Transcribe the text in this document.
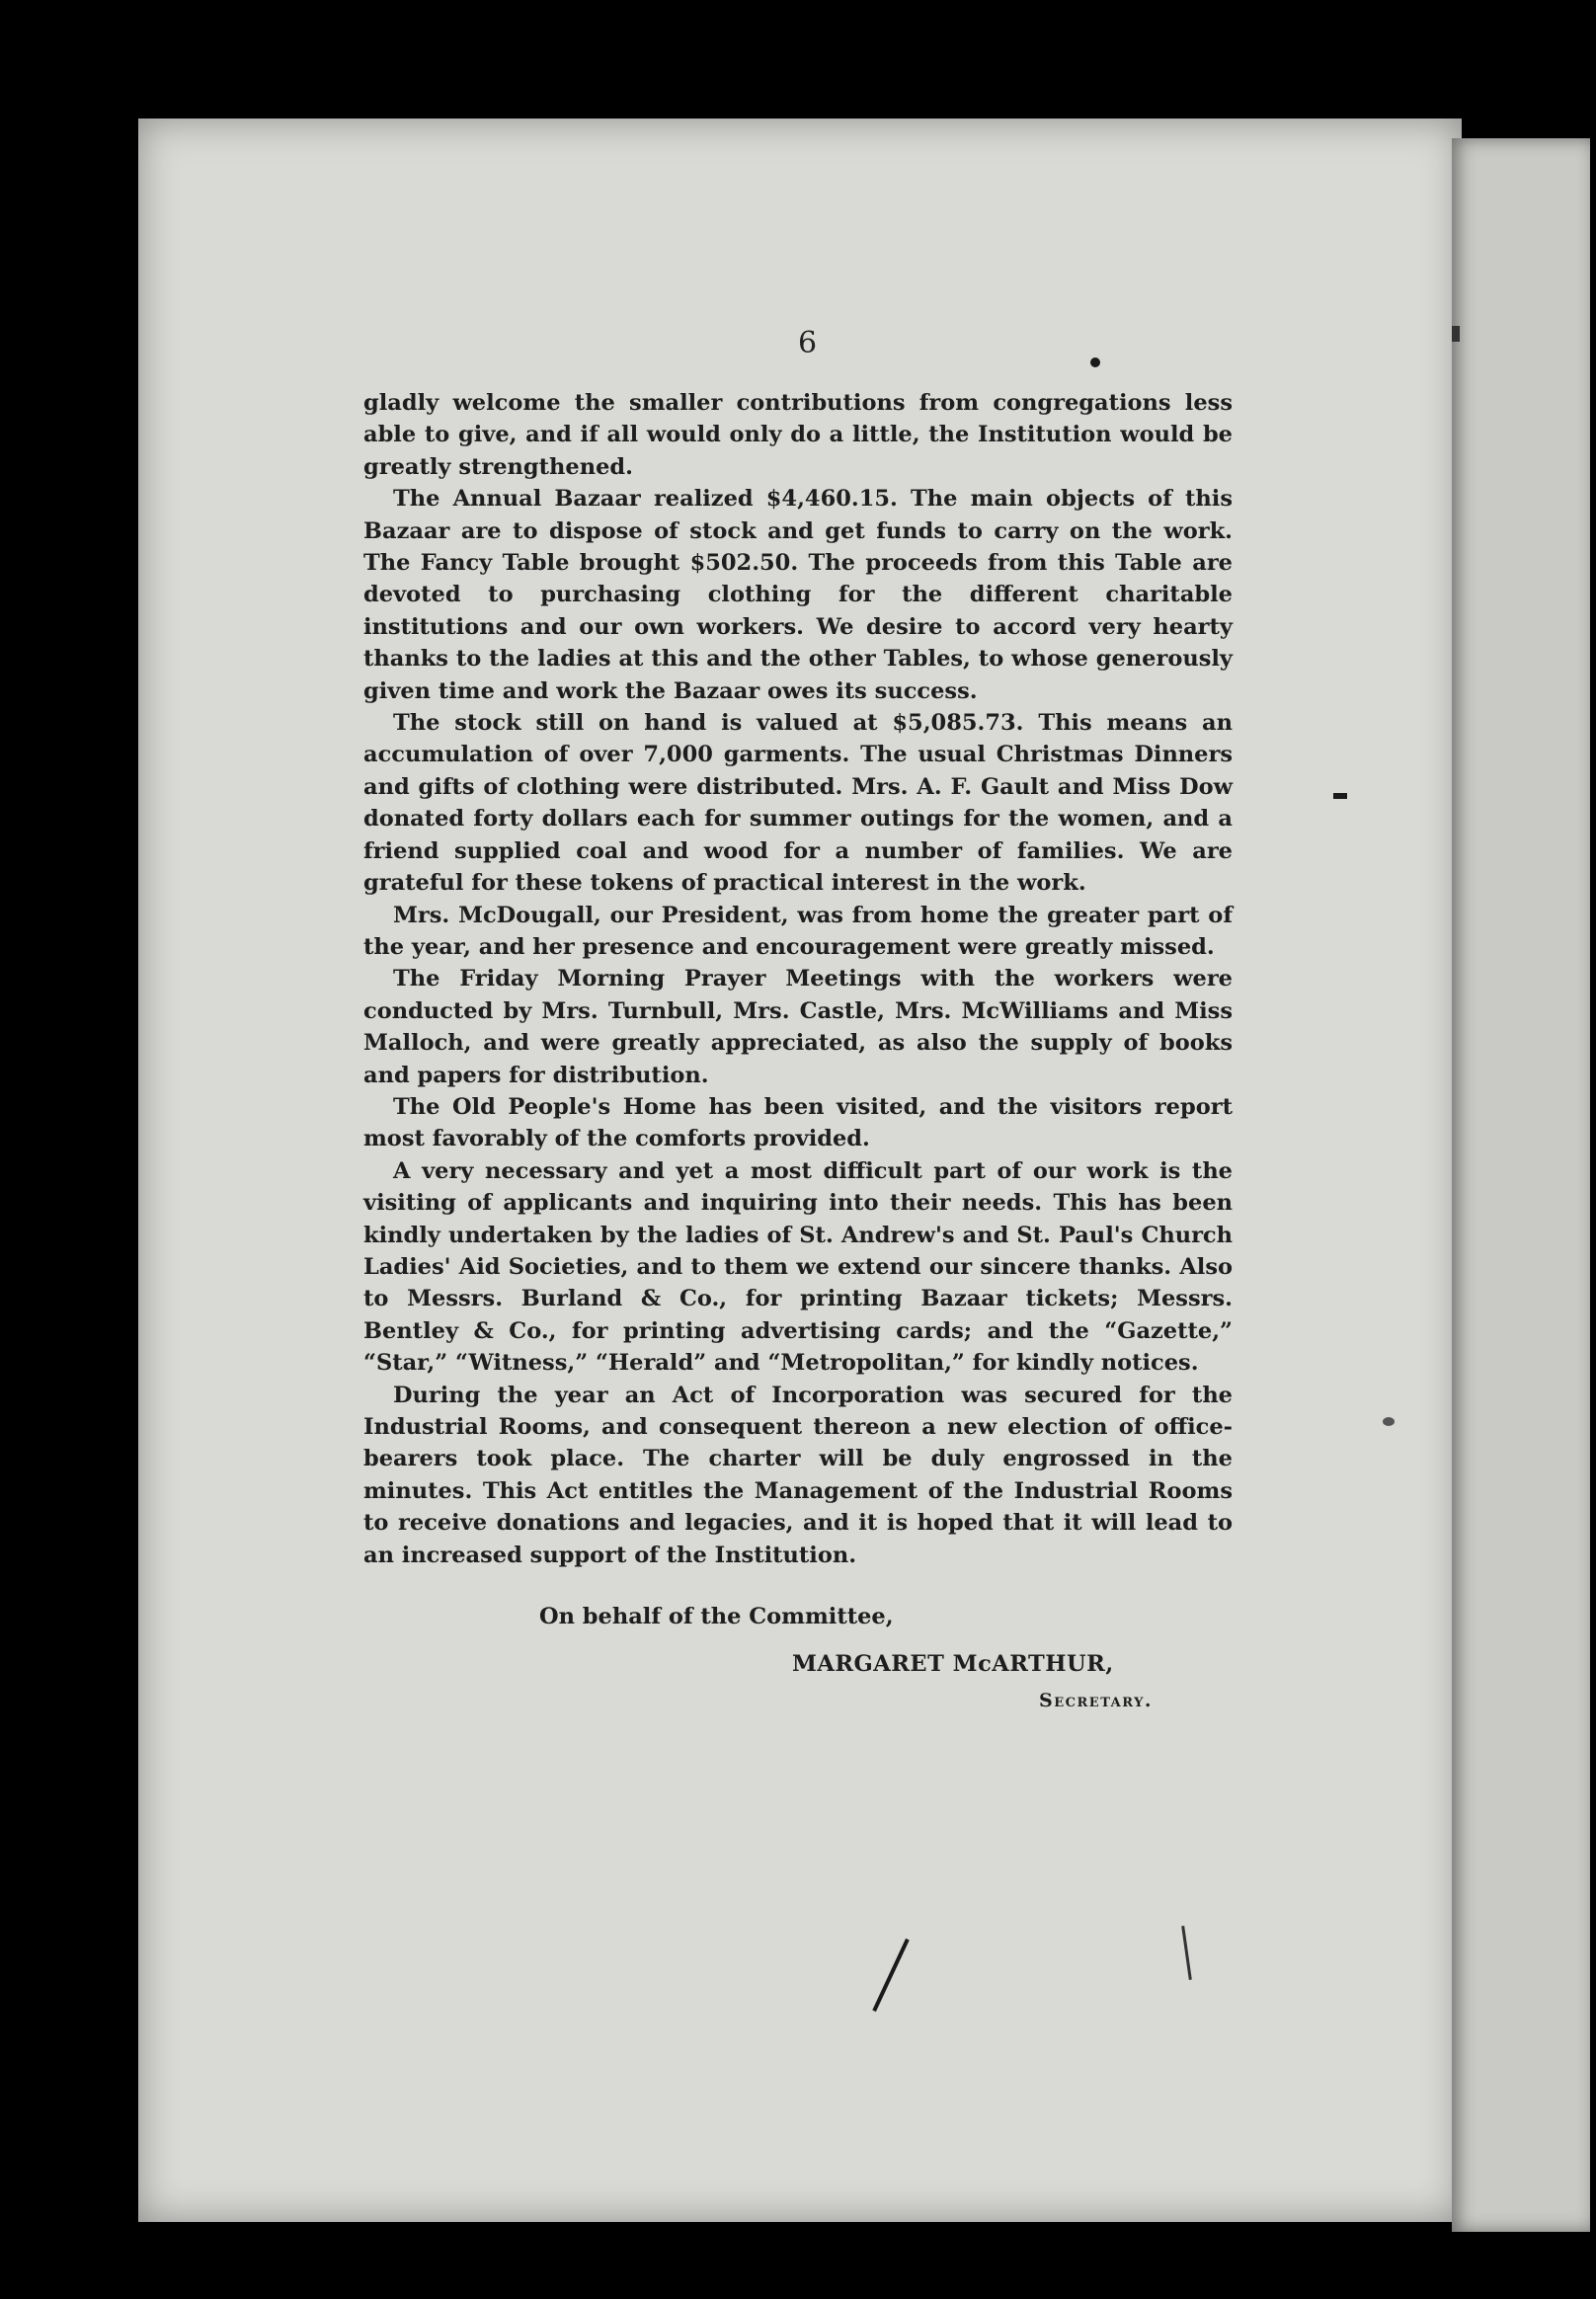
6

gladly welcome the smaller contributions from congregations less able to give, and if all would only do a little, the Institution would be greatly strengthened.

The Annual Bazaar realized $4,460.15. The main objects of this Bazaar are to dispose of stock and get funds to carry on the work. The Fancy Table brought $502.50. The proceeds from this Table are devoted to purchasing clothing for the different charitable institutions and our own workers. We desire to accord very hearty thanks to the ladies at this and the other Tables, to whose generously given time and work the Bazaar owes its success.

The stock still on hand is valued at $5,085.73. This means an accumulation of over 7,000 garments. The usual Christmas Dinners and gifts of clothing were distributed. Mrs. A. F. Gault and Miss Dow donated forty dollars each for summer outings for the women, and a friend supplied coal and wood for a number of families. We are grateful for these tokens of practical interest in the work.

Mrs. McDougall, our President, was from home the greater part of the year, and her presence and encouragement were greatly missed.

The Friday Morning Prayer Meetings with the workers were conducted by Mrs. Turnbull, Mrs. Castle, Mrs. McWilliams and Miss Malloch, and were greatly appreciated, as also the supply of books and papers for distribution.

The Old People's Home has been visited, and the visitors report most favorably of the comforts provided.

A very necessary and yet a most difficult part of our work is the visiting of applicants and inquiring into their needs. This has been kindly undertaken by the ladies of St. Andrew's and St. Paul's Church Ladies' Aid Societies, and to them we extend our sincere thanks. Also to Messrs. Burland & Co., for printing Bazaar tickets; Messrs. Bentley & Co., for printing advertising cards; and the “Gazette,” “Star,” “Witness,” “Herald” and “Metropolitan,” for kindly notices.

During the year an Act of Incorporation was secured for the Industrial Rooms, and consequent thereon a new election of office-bearers took place. The charter will be duly engrossed in the minutes. This Act entitles the Management of the Industrial Rooms to receive donations and legacies, and it is hoped that it will lead to an increased support of the Institution.

On behalf of the Committee,
MARGARET McARTHUR,
Secretary.
